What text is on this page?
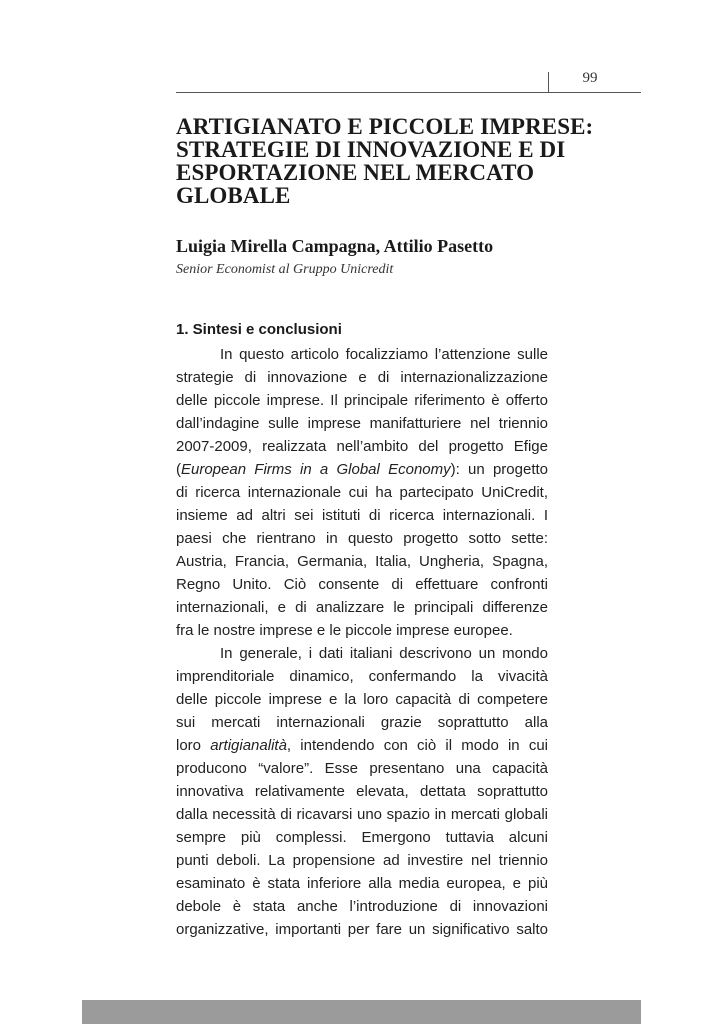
99
ARTIGIANATO E PICCOLE IMPRESE:
STRATEGIE DI INNOVAZIONE E DI
ESPORTAZIONE NEL MERCATO
GLOBALE
Luigia Mirella Campagna, Attilio Pasetto
Senior Economist al Gruppo Unicredit
1. Sintesi e conclusioni
In questo articolo focalizziamo l’attenzione sulle
strategie di innovazione e di internazionalizzazione
delle piccole imprese. Il principale riferimento è offerto
dall’indagine sulle imprese manifatturiere nel triennio
2007-2009, realizzata nell’ambito del progetto Efige
(European Firms in a Global Economy): un progetto
di ricerca internazionale cui ha partecipato UniCredit,
insieme ad altri sei istituti di ricerca internazionali. I
paesi che rientrano in questo progetto sotto sette:
Austria, Francia, Germania, Italia, Ungheria, Spagna,
Regno Unito. Ciò consente di effettuare confronti
internazionali, e di analizzare le principali differenze
fra le nostre imprese e le piccole imprese europee.
In generale, i dati italiani descrivono un mondo
imprenditoriale dinamico, confermando la vivacità
delle piccole imprese e la loro capacità di competere
sui mercati internazionali grazie soprattutto alla
loro artigianalità, intendendo con ciò il modo in cui
producono “valore”. Esse presentano una capacità
innovativa relativamente elevata, dettata soprattutto
dalla necessità di ricavarsi uno spazio in mercati globali
sempre più complessi. Emergono tuttavia alcuni
punti deboli. La propensione ad investire nel triennio
esaminato è stata inferiore alla media europea, e più
debole è stata anche l’introduzione di innovazioni
organizzative, importanti per fare un significativo salto
